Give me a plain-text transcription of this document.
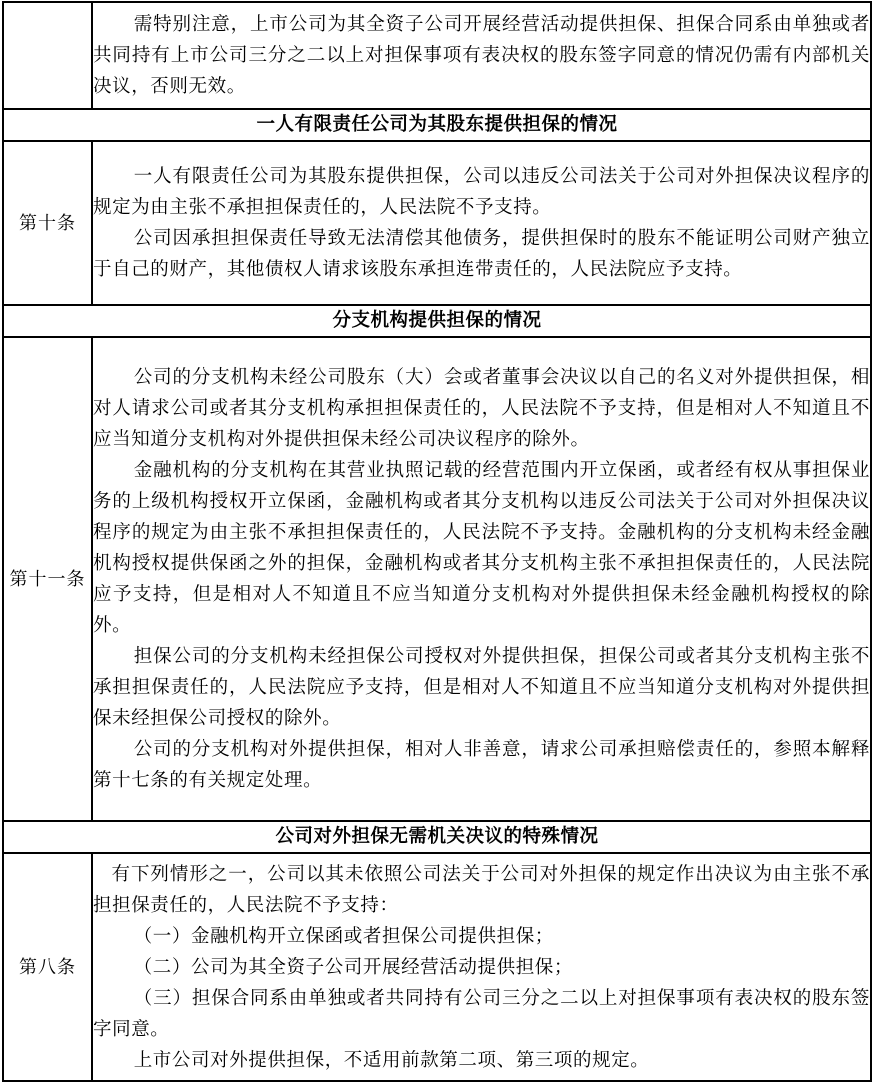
	需特别注意，上市公司为其全资子公司开展经营活动提供担保、担保合同系由单独或者共同持有上市公司三分之二以上对担保事项有表决权的股东签字同意的情况仍需有内部机关决议，否则无效。

一人有限责任公司为其股东提供担保的情况	
第十条	一人有限责任公司为其股东提供担保，公司以违反公司法关于公司对外担保决议程序的规定为由主张不承担担保责任的，人民法院不予支持。

公司因承担担保责任导致无法清偿其他债务，提供担保时的股东不能证明公司财产独立于自己的财产，其他债权人请求该股东承担连带责任的，人民法院应予支持。

分支机构提供担保的情况	
第十一条	公司的分支机构未经公司股东（大）会或者董事会决议以自己的名义对外提供担保，相对人请求公司或者其分支机构承担担保责任的，人民法院不予支持，但是相对人不知道且不应当知道分支机构对外提供担保未经公司决议程序的除外。

金融机构的分支机构在其营业执照记载的经营范围内开立保函，或者经有权从事担保业务的上级机构授权开立保函，金融机构或者其分支机构以违反公司法关于公司对外担保决议程序的规定为由主张不承担担保责任的，人民法院不予支持。金融机构的分支机构未经金融机构授权提供保函之外的担保，金融机构或者其分支机构主张不承担担保责任的，人民法院应予支持，但是相对人不知道且不应当知道分支机构对外提供担保未经金融机构授权的除外。

担保公司的分支机构未经担保公司授权对外提供担保，担保公司或者其分支机构主张不承担担保责任的，人民法院应予支持，但是相对人不知道且不应当知道分支机构对外提供担保未经担保公司授权的除外。

公司的分支机构对外提供担保，相对人非善意，请求公司承担赔偿责任的，参照本解释第十七条的有关规定处理。

公司对外担保无需机关决议的特殊情况	
第八条	有下列情形之一，公司以其未依照公司法关于公司对外担保的规定作出决议为由主张不承担担保责任的，人民法院不予支持：

（一）金融机构开立保函或者担保公司提供担保；

（二）公司为其全资子公司开展经营活动提供担保；

（三）担保合同系由单独或者共同持有公司三分之二以上对担保事项有表决权的股东签字同意。

上市公司对外提供担保，不适用前款第二项、第三项的规定。
